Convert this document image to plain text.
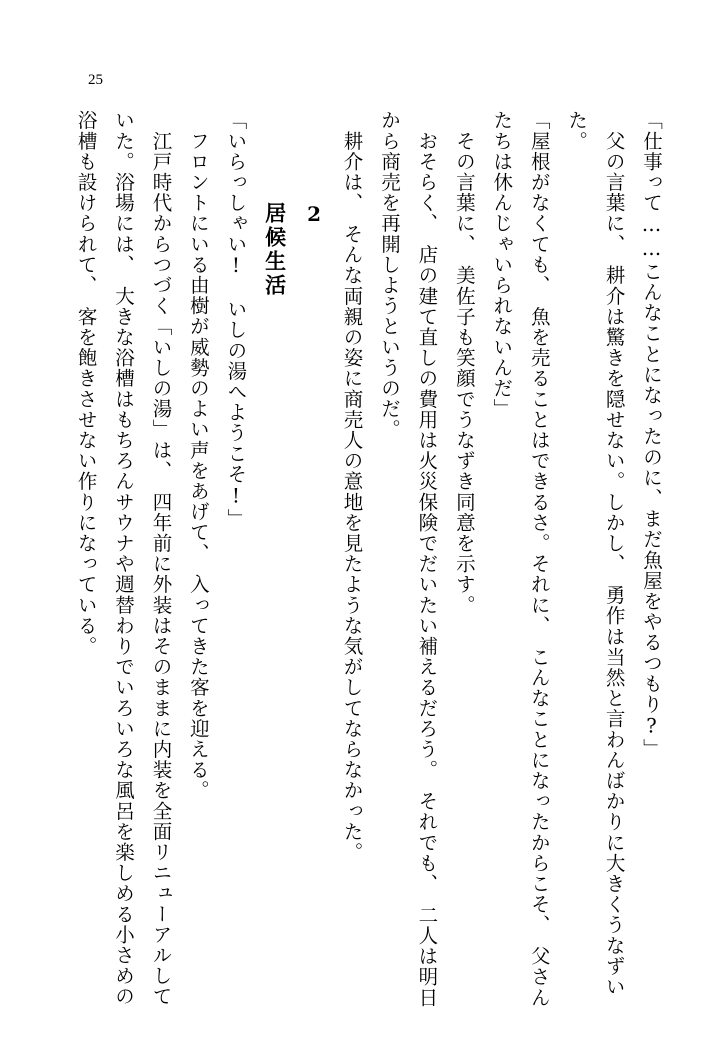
25

「仕事って……こんなことになったのに、まだ魚屋をやるつもり?」

　父の言葉に、　耕介は驚きを隠せない。しかし、　勇作は当然と言わんばかりに大きくうなずいた。

「屋根がなくても、　魚を売ることはできるさ。それに、　こんなことになったからこそ、　父さんたちは休んじゃいられないんだ」

　その言葉に、　美佐子も笑顔でうなずき同意を示す。

　おそらく、　店の建て直しの費用は火災保険でだいたい補えるだろう。　それでも、　二人は明日から商売を再開しようというのだ。

　耕介は、　そんな両親の姿に商売人の意地を見たような気がしてならなかった。

2
居候生活

「いらっしゃい!　いしの湯へようこそ!」

　フロントにいる由樹が威勢のよい声をあげて、　入ってきた客を迎える。

　江戸時代からつづく「いしの湯」は、　四年前に外装はそのままに内装を全面リニューアルしていた。浴場には、　大きな浴槽はもちろんサウナや週替わりでいろいろな風呂を楽しめる小さめの浴槽も設けられて、　客を飽きさせない作りになっている。
